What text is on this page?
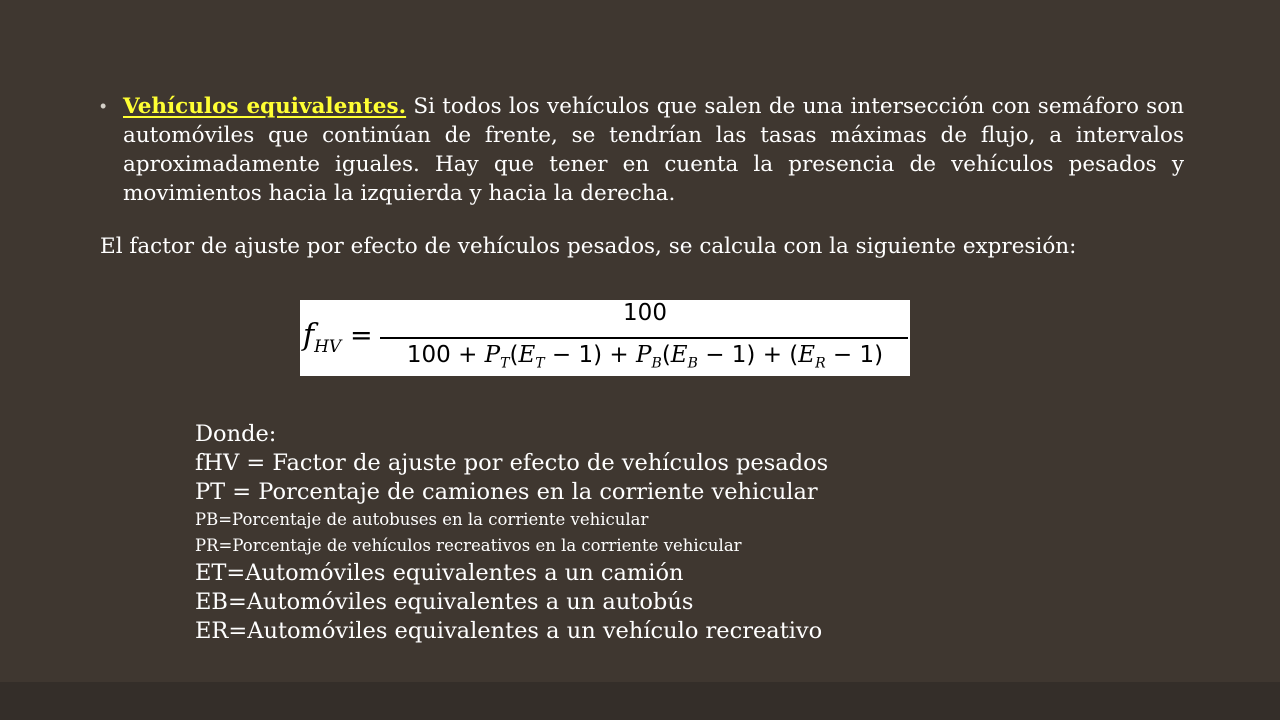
• Vehículos equivalentes. Si todos los vehículos que salen de una intersección con semáforo son automóviles que continúan de frente, se tendrían las tasas máximas de flujo, a intervalos aproximadamente iguales. Hay que tener en cuenta la presencia de vehículos pesados y movimientos hacia la izquierda y hacia la derecha.
El factor de ajuste por efecto de vehículos pesados, se calcula con la siguiente expresión:
$f_{HV}$ =
100
$100 + P_T(E_T - 1) + P_B(E_B - 1) + (E_R - 1)$
Donde:
fHV = Factor de ajuste por efecto de vehículos pesados
PT = Porcentaje de camiones en la corriente vehicular
PB=Porcentaje de autobuses en la corriente vehicular
PR=Porcentaje de vehículos recreativos en la corriente vehicular
ET=Automóviles equivalentes a un camión
EB=Automóviles equivalentes a un autobús
ER=Automóviles equivalentes a un vehículo recreativo
